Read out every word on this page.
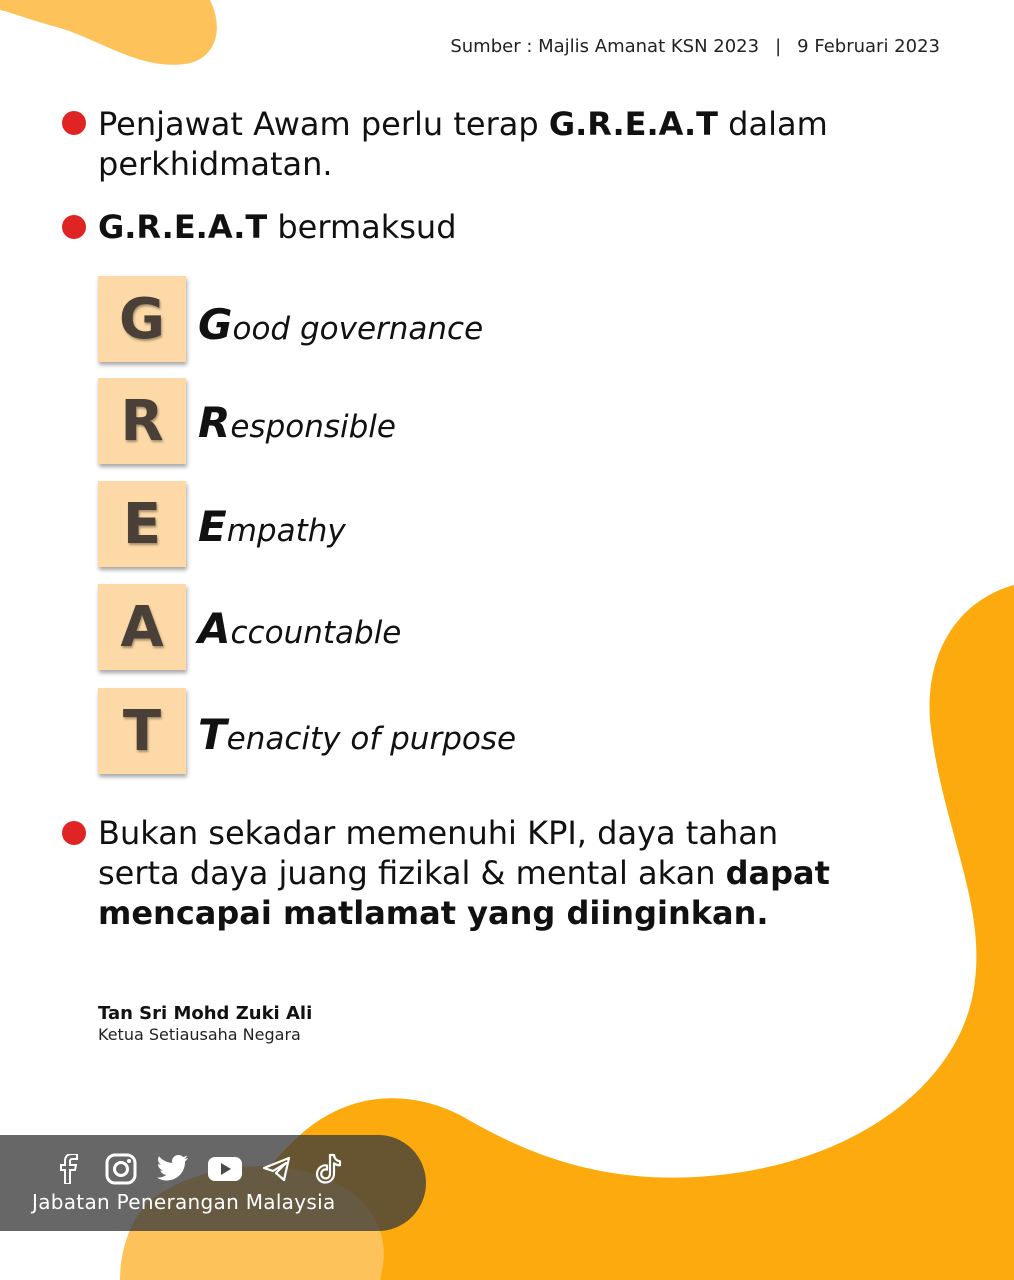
Sumber : Majlis Amanat KSN 2023 | 9 Februari 2023
Penjawat Awam perlu terap G.R.E.A.T dalam perkhidmatan.
G.R.E.A.T bermaksud
G Good governance
R Responsible
E Empathy
A Accountable
T Tenacity of purpose
Bukan sekadar memenuhi KPI, daya tahan serta daya juang fizikal & mental akan dapat mencapai matlamat yang diinginkan.
Tan Sri Mohd Zuki Ali
Ketua Setiausaha Negara
Jabatan Penerangan Malaysia
